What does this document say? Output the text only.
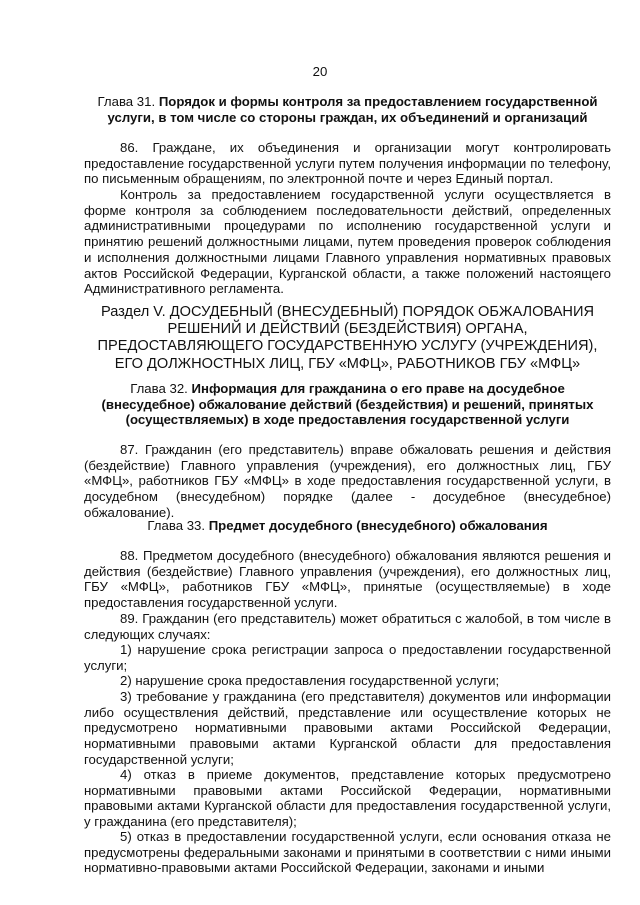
20
Глава 31. Порядок и формы контроля за предоставлением государственной услуги, в том числе со стороны граждан, их объединений и организаций

86. Граждане, их объединения и организации могут контролировать предоставление государственной услуги путем получения информации по телефону, по письменным обращениям, по электронной почте и через Единый портал.

Контроль за предоставлением государственной услуги осуществляется в форме контроля за соблюдением последовательности действий, определенных административными процедурами по исполнению государственной услуги и принятию решений должностными лицами, путем проведения проверок соблюдения и исполнения должностными лицами Главного управления нормативных правовых актов Российской Федерации, Курганской области, а также положений настоящего Административного регламента.

Раздел V. ДОСУДЕБНЫЙ (ВНЕСУДЕБНЫЙ) ПОРЯДОК ОБЖАЛОВАНИЯ РЕШЕНИЙ И ДЕЙСТВИЙ (БЕЗДЕЙСТВИЯ) ОРГАНА, ПРЕДОСТАВЛЯЮЩЕГО ГОСУДАРСТВЕННУЮ УСЛУГУ (УЧРЕЖДЕНИЯ), ЕГО ДОЛЖНОСТНЫХ ЛИЦ, ГБУ «МФЦ», РАБОТНИКОВ ГБУ «МФЦ»
Глава 32. Информация для гражданина о его праве на досудебное (внесудебное) обжалование действий (бездействия) и решений, принятых (осуществляемых) в ходе предоставления государственной услуги

87. Гражданин (его представитель) вправе обжаловать решения и действия (бездействие) Главного управления (учреждения), его должностных лиц, ГБУ «МФЦ», работников ГБУ «МФЦ» в ходе предоставления государственной услуги, в досудебном (внесудебном) порядке (далее - досудебное (внесудебное) обжалование).

Глава 33. Предмет досудебного (внесудебного) обжалования

88. Предметом досудебного (внесудебного) обжалования являются решения и действия (бездействие) Главного управления (учреждения), его должностных лиц, ГБУ «МФЦ», работников ГБУ «МФЦ», принятые (осуществляемые) в ходе предоставления государственной услуги.

89. Гражданин (его представитель) может обратиться с жалобой, в том числе в следующих случаях:

1) нарушение срока регистрации запроса о предоставлении государственной услуги;

2) нарушение срока предоставления государственной услуги;

3) требование у гражданина (его представителя) документов или информации либо осуществления действий, представление или осуществление которых не предусмотрено нормативными правовыми актами Российской Федерации, нормативными правовыми актами Курганской области для предоставления государственной услуги;

4) отказ в приеме документов, представление которых предусмотрено нормативными правовыми актами Российской Федерации, нормативными правовыми актами Курганской области для предоставления государственной услуги, у гражданина (его представителя);

5) отказ в предоставлении государственной услуги, если основания отказа не предусмотрены федеральными законами и принятыми в соответствии с ними иными нормативно-правовыми актами Российской Федерации, законами и иными
